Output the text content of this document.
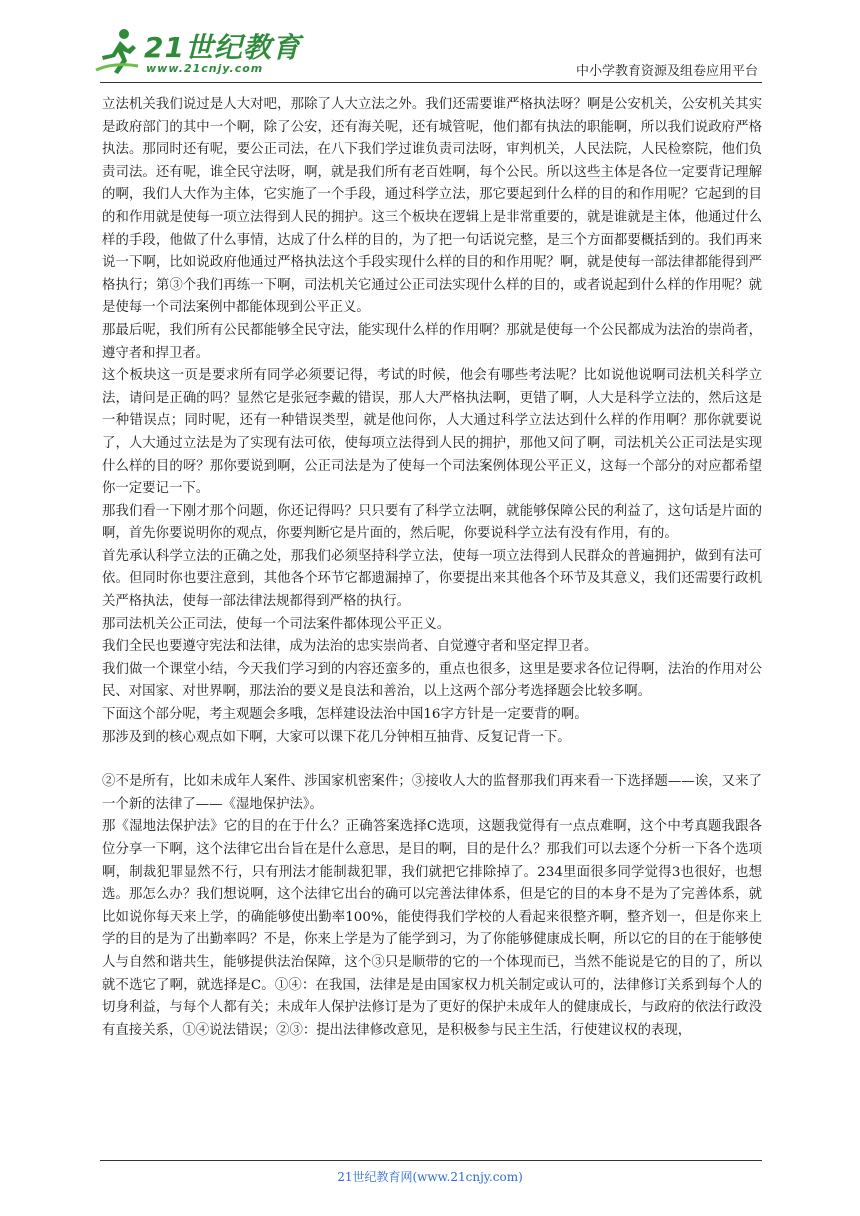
21世纪教育
www.21cnjy.com	中小学教育资源及组卷应用平台

立法机关我们说过是人大对吧，那除了人大立法之外。我们还需要谁严格执法呀？啊是公安机关，公安机关其实是政府部门的其中一个啊，除了公安，还有海关呢，还有城管呢，他们都有执法的职能啊，所以我们说政府严格执法。那同时还有呢，要公正司法，在八下我们学过谁负责司法呀，审判机关，人民法院，人民检察院，他们负责司法。还有呢，谁全民守法呀，啊，就是我们所有老百姓啊，每个公民。所以这些主体是各位一定要背记理解的啊，我们人大作为主体，它实施了一个手段，通过科学立法，那它要起到什么样的目的和作用呢？它起到的目的和作用就是使每一项立法得到人民的拥护。这三个板块在逻辑上是非常重要的，就是谁就是主体，他通过什么样的手段，他做了什么事情，达成了什么样的目的，为了把一句话说完整，是三个方面都要概括到的。我们再来说一下啊，比如说政府他通过严格执法这个手段实现什么样的目的和作用呢？啊，就是使每一部法律都能得到严格执行；第③个我们再练一下啊，司法机关它通过公正司法实现什么样的目的，或者说起到什么样的作用呢？就是使每一个司法案例中都能体现到公平正义。

那最后呢，我们所有公民都能够全民守法，能实现什么样的作用啊？那就是使每一个公民都成为法治的崇尚者，遵守者和捍卫者。

这个板块这一页是要求所有同学必须要记得，考试的时候，他会有哪些考法呢？比如说他说啊司法机关科学立法，请问是正确的吗？显然它是张冠李戴的错误，那人大严格执法啊，更错了啊，人大是科学立法的，然后这是一种错误点；同时呢，还有一种错误类型，就是他问你，人大通过科学立法达到什么样的作用啊？那你就要说了，人大通过立法是为了实现有法可依，使每项立法得到人民的拥护，那他又问了啊，司法机关公正司法是实现什么样的目的呀？那你要说到啊，公正司法是为了使每一个司法案例体现公平正义，这每一个部分的对应都希望你一定要记一下。

那我们看一下刚才那个问题，你还记得吗？只只要有了科学立法啊，就能够保障公民的利益了，这句话是片面的啊，首先你要说明你的观点，你要判断它是片面的，然后呢，你要说科学立法有没有作用，有的。

首先承认科学立法的正确之处，那我们必须坚持科学立法，使每一项立法得到人民群众的普遍拥护，做到有法可依。但同时你也要注意到，其他各个环节它都遗漏掉了，你要提出来其他各个环节及其意义，我们还需要行政机关严格执法，使每一部法律法规都得到严格的执行。

那司法机关公正司法，使每一个司法案件都体现公平正义。

我们全民也要遵守宪法和法律，成为法治的忠实崇尚者、自觉遵守者和坚定捍卫者。

我们做一个课堂小结，今天我们学习到的内容还蛮多的，重点也很多，这里是要求各位记得啊，法治的作用对公民、对国家、对世界啊，那法治的要义是良法和善治，以上这两个部分考选择题会比较多啊。

下面这个部分呢，考主观题会多哦，怎样建设法治中国16字方针是一定要背的啊。

那涉及到的核心观点如下啊，大家可以课下花几分钟相互抽背、反复记背一下。

②不是所有，比如未成年人案件、涉国家机密案件；③接收人大的监督那我们再来看一下选择题——诶，又来了一个新的法律了——《湿地保护法》。

那《湿地法保护法》它的目的在于什么？正确答案选择C选项，这题我觉得有一点点难啊，这个中考真题我跟各位分享一下啊，这个法律它出台旨在是什么意思，是目的啊，目的是什么？那我们可以去逐个分析一下各个选项啊，制裁犯罪显然不行，只有刑法才能制裁犯罪，我们就把它排除掉了。234里面很多同学觉得3也很好，也想选。那怎么办？我们想说啊，这个法律它出台的确可以完善法律体系，但是它的目的本身不是为了完善体系，就比如说你每天来上学，的确能够使出勤率100%，能使得我们学校的人看起来很整齐啊，整齐划一，但是你来上学的目的是为了出勤率吗？不是，你来上学是为了能学到习，为了你能够健康成长啊，所以它的目的在于能够使人与自然和谐共生，能够提供法治保障，这个③只是顺带的它的一个体现而已，当然不能说是它的目的了，所以就不选它了啊，就选择是C。①④：在我国，法律是是由国家权力机关制定或认可的，法律修订关系到每个人的切身利益，与每个人都有关；未成年人保护法修订是为了更好的保护未成年人的健康成长，与政府的依法行政没有直接关系，①④说法错误；②③：提出法律修改意见，是积极参与民主生活，行使建议权的表现，

21世纪教育网(www.21cnjy.com)
